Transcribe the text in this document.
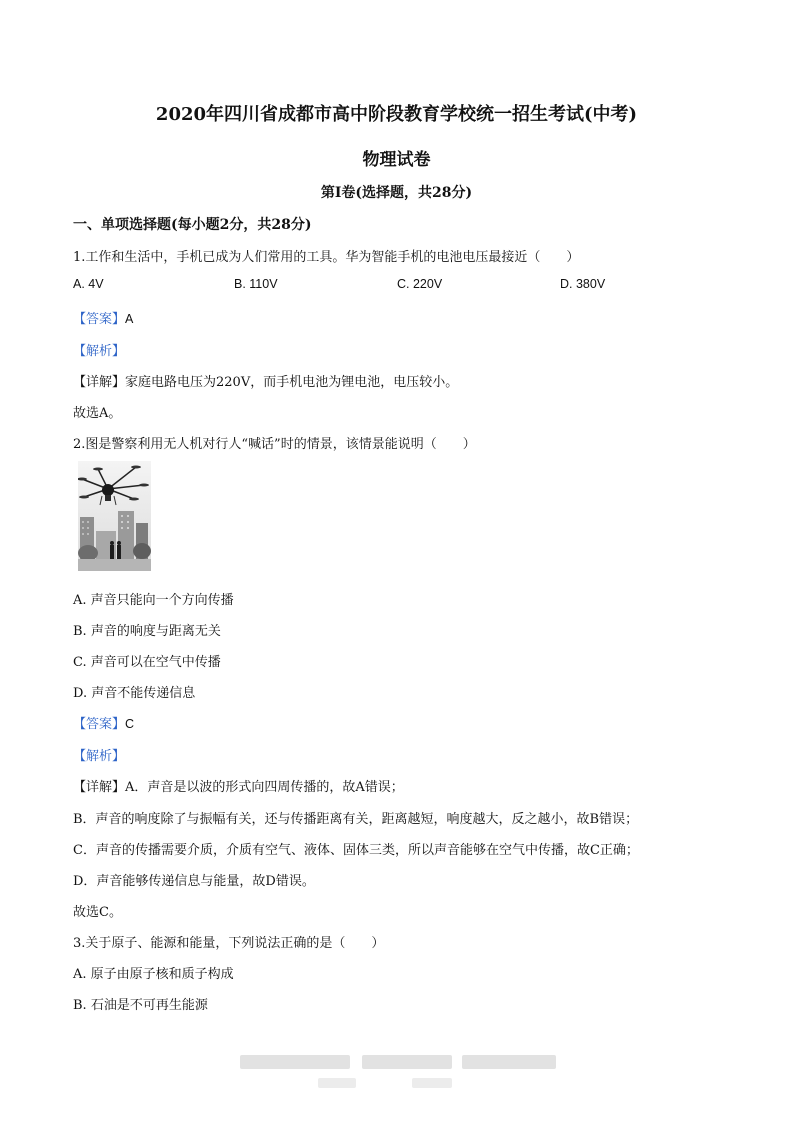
2020年四川省成都市高中阶段教育学校统一招生考试(中考)
物理试卷
第I卷(选择题，共28分)
一、单项选择题(每小题2分，共28分)
1.工作和生活中，手机已成为人们常用的工具。华为智能手机的电池电压最接近（　　）
A. 4V	B. 110V	C. 220V	D. 380V
【答案】A
【解析】
【详解】家庭电路电压为220V，而手机电池为锂电池，电压较小。
故选A。
2.图是警察利用无人机对行人“喊话”时的情景，该情景能说明（　　）
A. 声音只能向一个方向传播
B. 声音的响度与距离无关
C. 声音可以在空气中传播
D. 声音不能传递信息
【答案】C
【解析】
【详解】A．声音是以波的形式向四周传播的，故A错误；
B．声音的响度除了与振幅有关，还与传播距离有关，距离越短，响度越大，反之越小，故B错误；
C．声音的传播需要介质，介质有空气、液体、固体三类，所以声音能够在空气中传播，故C正确；
D．声音能够传递信息与能量，故D错误。
故选C。
3.关于原子、能源和能量，下列说法正确的是（　　）
A. 原子由原子核和质子构成
B. 石油是不可再生能源
